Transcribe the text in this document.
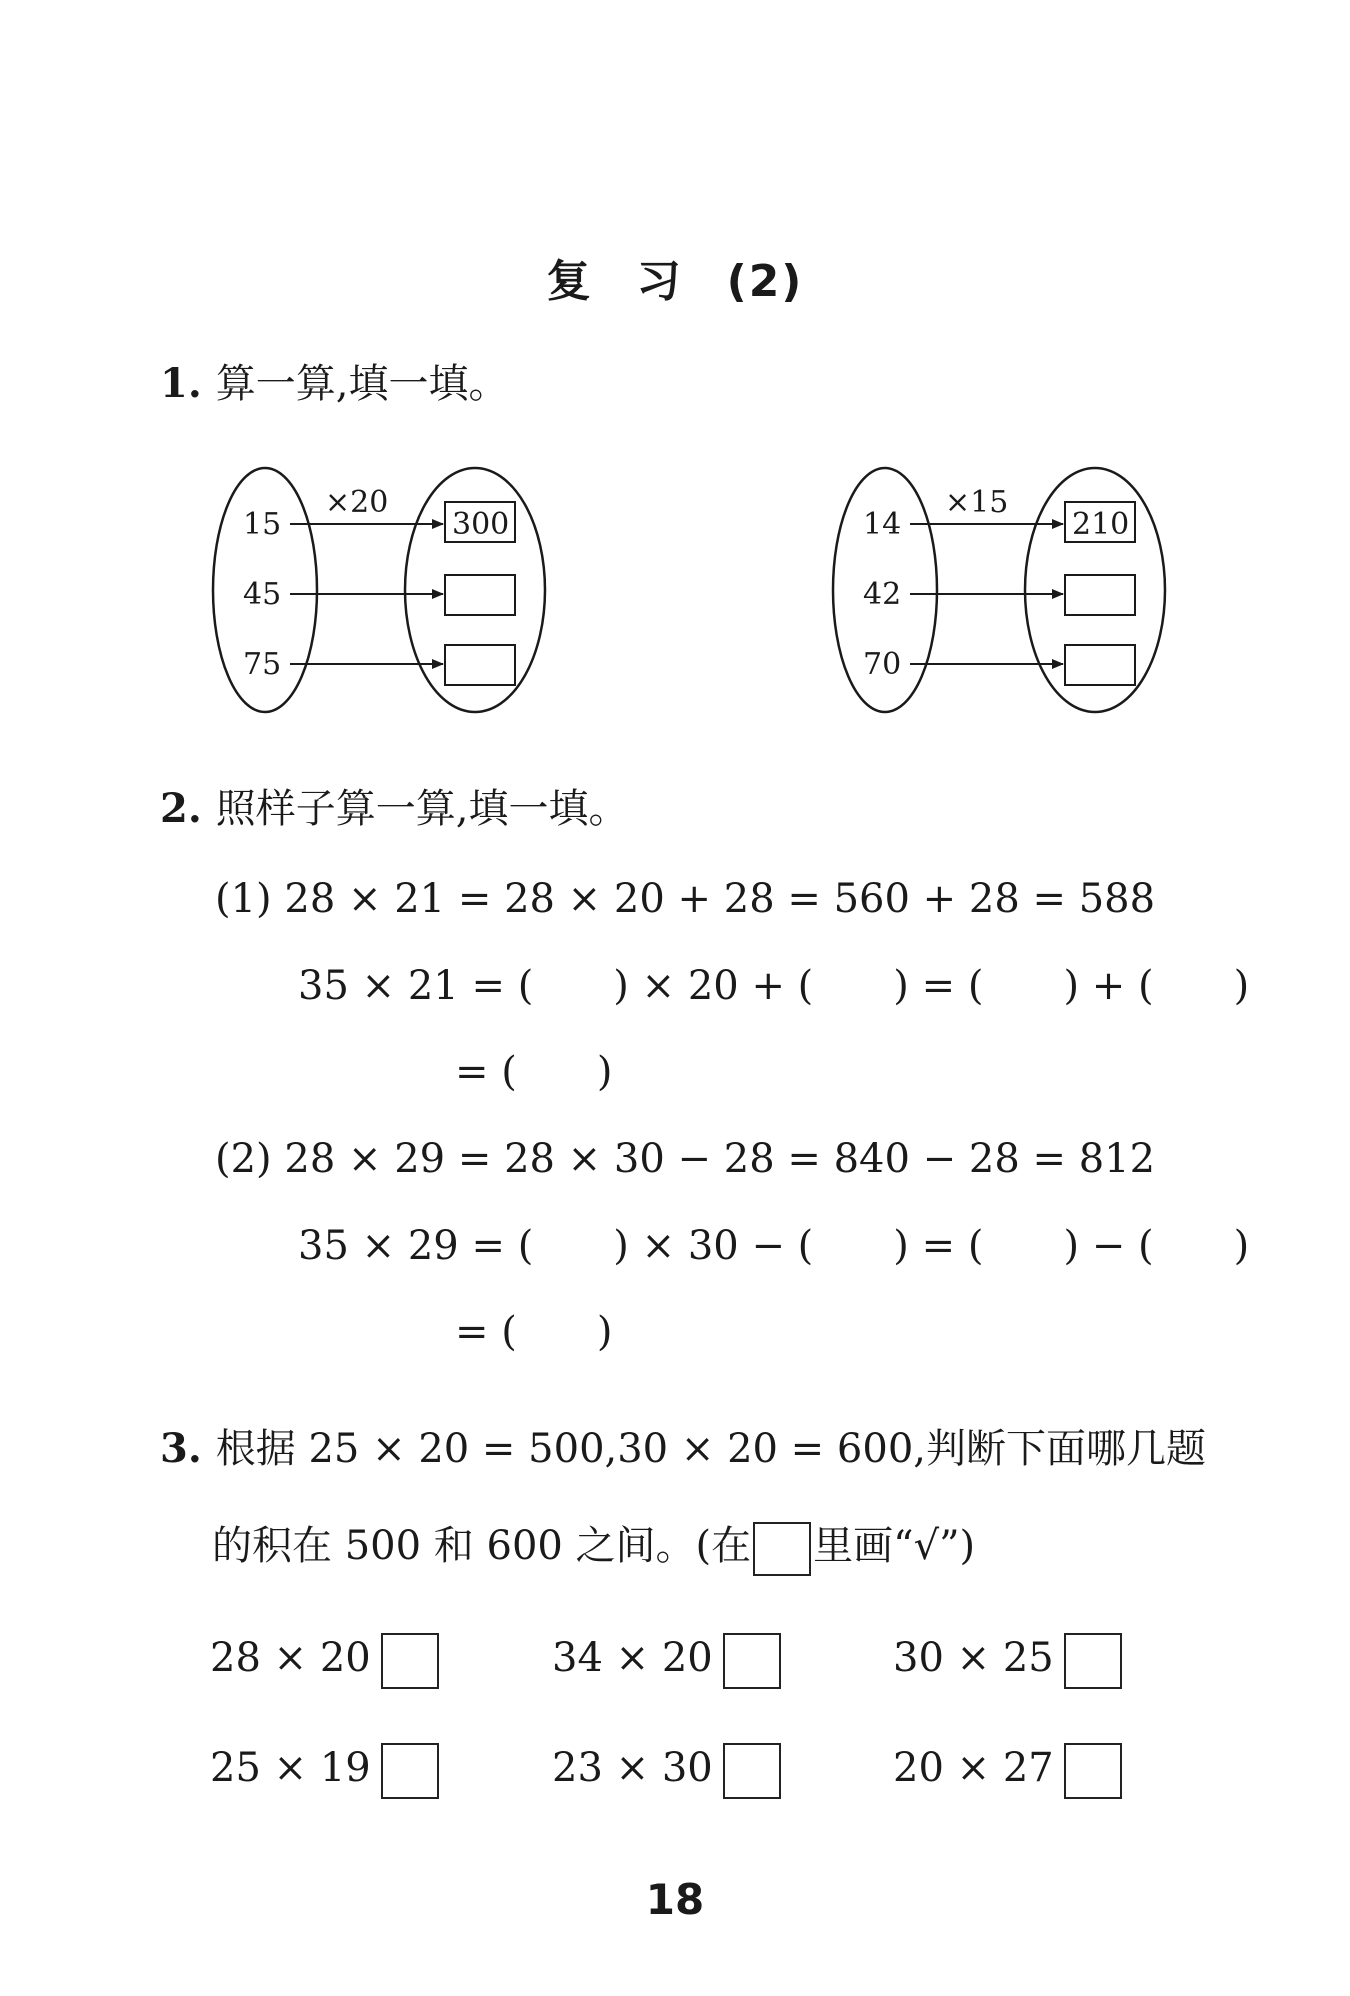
复 习 (2)
1. 算一算,填一填。
×20
15
45
75
300
×15
14
42
70
210
2. 照样子算一算,填一填。
(1) 28 × 21 = 28 × 20 + 28 = 560 + 28 = 588
35 × 21 = (　　) × 20 + (　　) = (　　) + (　　)
= (　　)
(2) 28 × 29 = 28 × 30 − 28 = 840 − 28 = 812
35 × 29 = (　　) × 30 − (　　) = (　　) − (　　)
= (　　)
3. 根据 25 × 20 = 500,30 × 20 = 600,判断下面哪几题
的积在 500 和 600 之间。(在 里画“√”)
28 × 20	34 × 20	30 × 25
25 × 19	23 × 30	20 × 27
18
